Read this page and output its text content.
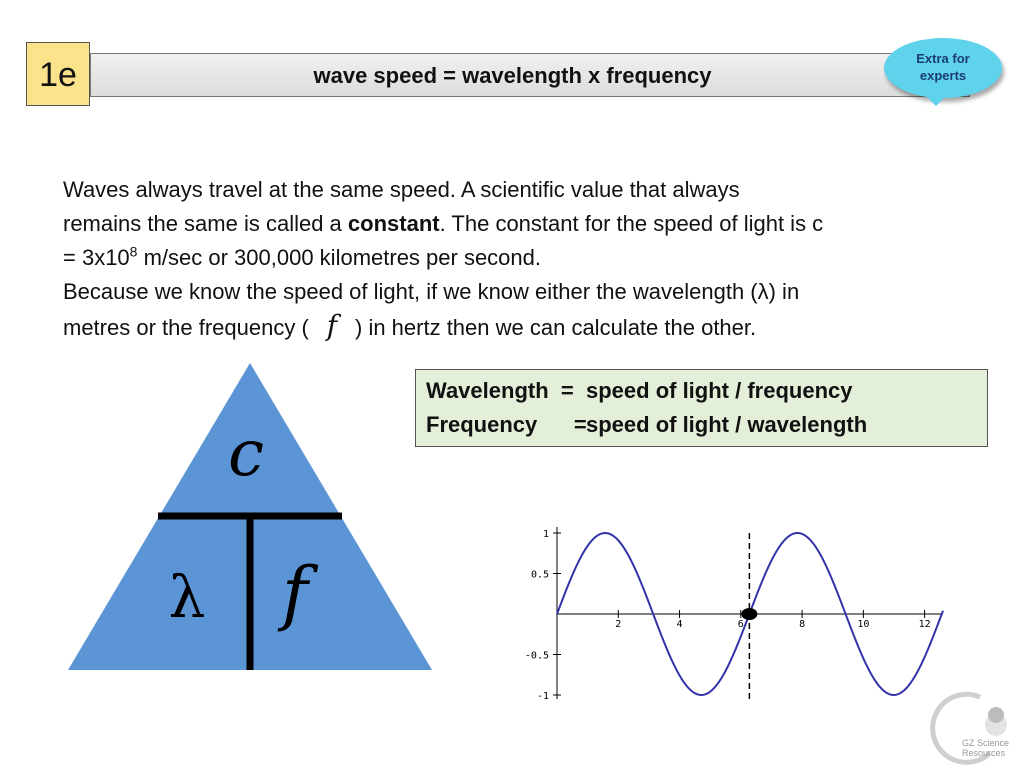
wave speed = wavelength x frequency
1e	Extra for
experts
Waves always travel at the same speed. A scientific value that always
remains the same is called a constant. The constant for the speed of light is c
= $3x10^8$ m/sec or 300,000 kilometres per second.
Because we know the speed of light, if we know either the wavelength (λ) in
metres or the frequency ( f ) in hertz then we can calculate the other.
Wavelength  = speed of light / frequency
Frequency      = speed of light / wavelength
c
λ f	2	4	6	8	10	12
1
0.5
-0.5
-1
GZ Science
Resources
